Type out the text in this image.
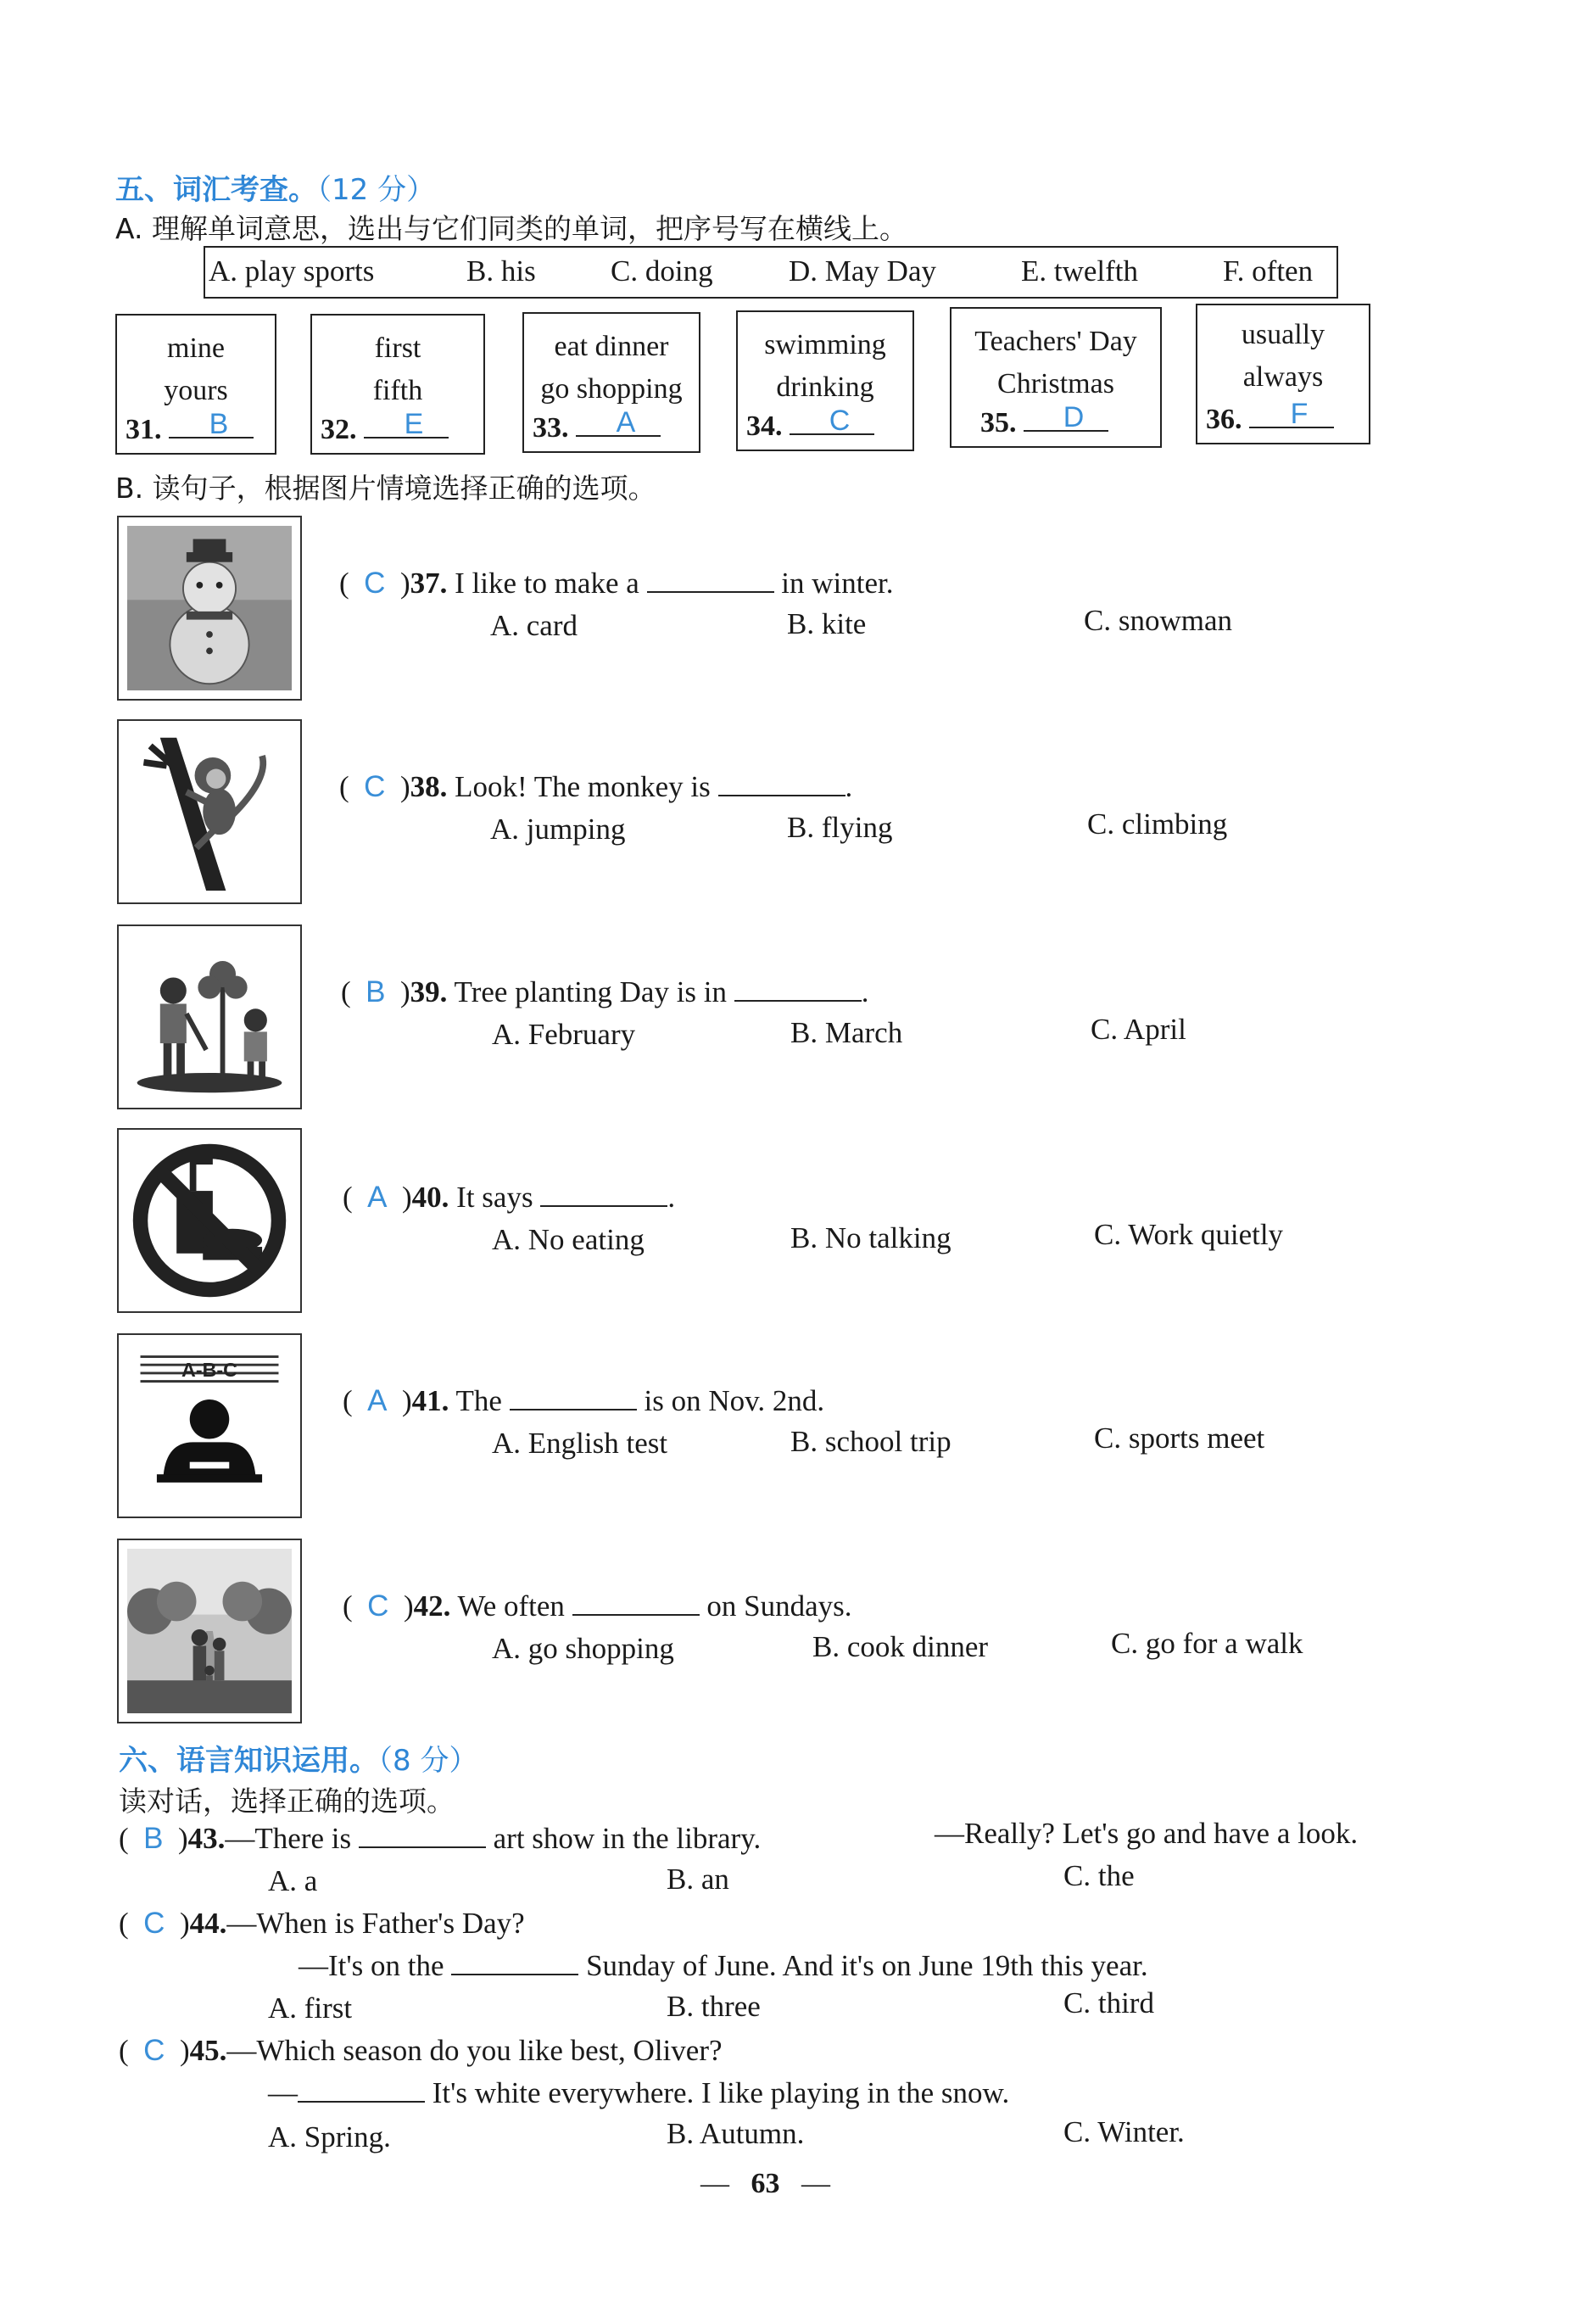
五、词汇考查。（12 分）
A. 理解单词意思，选出与它们同类的单词，把序号写在横线上。
A. play sports	B. his	C. doing	D. May Day	E. twelfth	F. often
mine
yours
31.	B
first
fifth
32.	E
eat dinner
go shopping
33.	A
swimming
drinking
34.	C
Teachers' Day
Christmas
35.	D
usually
always
36.	F
B. 读句子，根据图片情境选择正确的选项。
(  C  )37. I like to make a	in winter.
A. card	B. kite	C. snowman
(  C  )38. Look! The monkey is	.
A. jumping	B. flying	C. climbing
(  B  )39. Tree planting Day is in	.
A. February	B. March	C. April
(  A  )40. It says	.
A. No eating	B. No talking	C. Work quietly
A-B-C
(  A  )41. The	is on Nov. 2nd.
A. English test	B. school trip	C. sports meet
(  C  )42. We often	on Sundays.
A. go shopping	B. cook dinner	C. go for a walk
六、语言知识运用。（8 分）
读对话，选择正确的选项。
(  B  )43.—There is	art show in the library.	—Really? Let's go and have a look.
A. a	B. an	C. the
(  C  )44.—When is Father's Day?
—It's on the	Sunday of June. And it's on June 19th this year.
A. first	B. three	C. third
(  C  )45.—Which season do you like best, Oliver?
—	It's white everywhere. I like playing in the snow.
A. Spring.	B. Autumn.	C. Winter.
—   63   —
